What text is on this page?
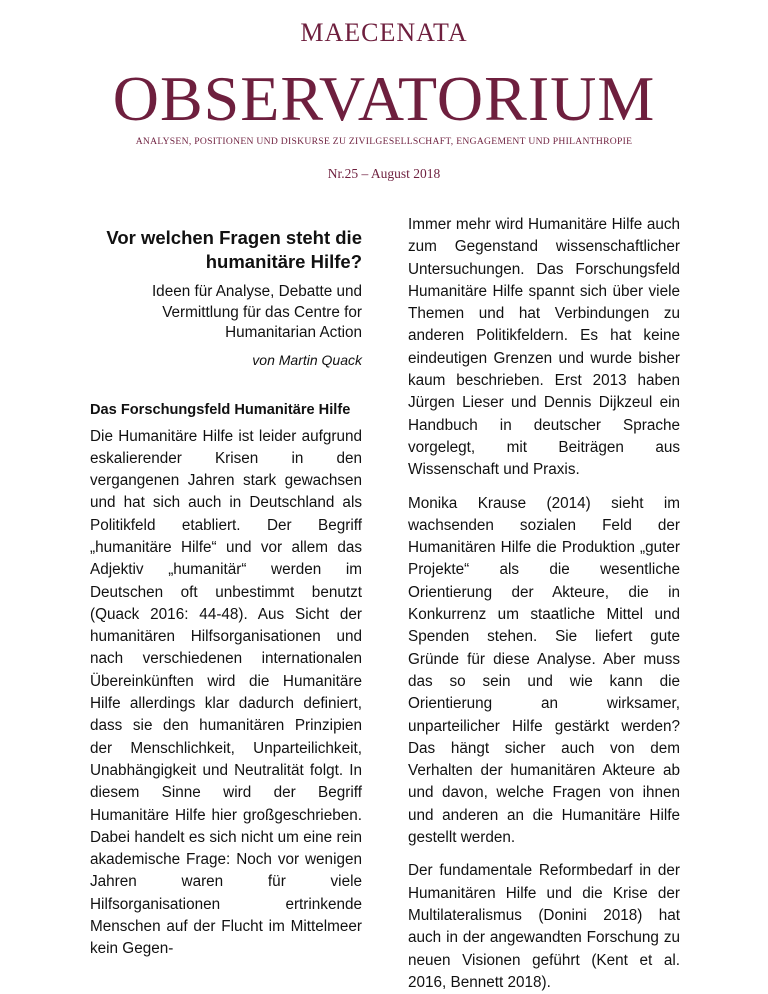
MAECENATA
OBSERVATORIUM
ANALYSEN, POSITIONEN UND DISKURSE ZU ZIVILGESELLSCHAFT, ENGAGEMENT UND PHILANTHROPIE
Nr.25 – August 2018
Vor welchen Fragen steht die humanitäre Hilfe?
Ideen für Analyse, Debatte und Vermittlung für das Centre for Humanitarian Action
von Martin Quack
Das Forschungsfeld Humanitäre Hilfe

Die Humanitäre Hilfe ist leider aufgrund eskalierender Krisen in den vergangenen Jahren stark gewachsen und hat sich auch in Deutschland als Politikfeld etabliert. Der Begriff „humanitäre Hilfe“ und vor allem das Adjektiv „humanitär“ werden im Deutschen oft unbestimmt benutzt (Quack 2016: 44-48). Aus Sicht der humanitären Hilfsorganisationen und nach verschiedenen internationalen Übereinkünften wird die Humanitäre Hilfe allerdings klar dadurch definiert, dass sie den humanitären Prinzipien der Menschlichkeit, Unparteilichkeit, Unabhängigkeit und Neutralität folgt. In diesem Sinne wird der Begriff Humanitäre Hilfe hier großgeschrieben. Dabei handelt es sich nicht um eine rein akademische Frage: Noch vor wenigen Jahren waren für viele Hilfsorganisationen ertrinkende Menschen auf der Flucht im Mittelmeer kein Gegen-

Immer mehr wird Humanitäre Hilfe auch zum Gegenstand wissenschaftlicher Untersuchungen. Das Forschungsfeld Humanitäre Hilfe spannt sich über viele Themen und hat Verbindungen zu anderen Politikfeldern. Es hat keine eindeutigen Grenzen und wurde bisher kaum beschrieben. Erst 2013 haben Jürgen Lieser und Dennis Dijkzeul ein Handbuch in deutscher Sprache vorgelegt, mit Beiträgen aus Wissenschaft und Praxis.

Monika Krause (2014) sieht im wachsenden sozialen Feld der Humanitären Hilfe die Produktion „guter Projekte“ als die wesentliche Orientierung der Akteure, die in Konkurrenz um staatliche Mittel und Spenden stehen. Sie liefert gute Gründe für diese Analyse. Aber muss das so sein und wie kann die Orientierung an wirksamer, unparteilicher Hilfe gestärkt werden? Das hängt sicher auch von dem Verhalten der humanitären Akteure ab und davon, welche Fragen von ihnen und anderen an die Humanitäre Hilfe gestellt werden.

Der fundamentale Reformbedarf in der Humanitären Hilfe und die Krise der Multilateralismus (Donini 2018) hat auch in der angewandten Forschung zu neuen Visionen geführt (Kent et al. 2016, Bennett 2018).
